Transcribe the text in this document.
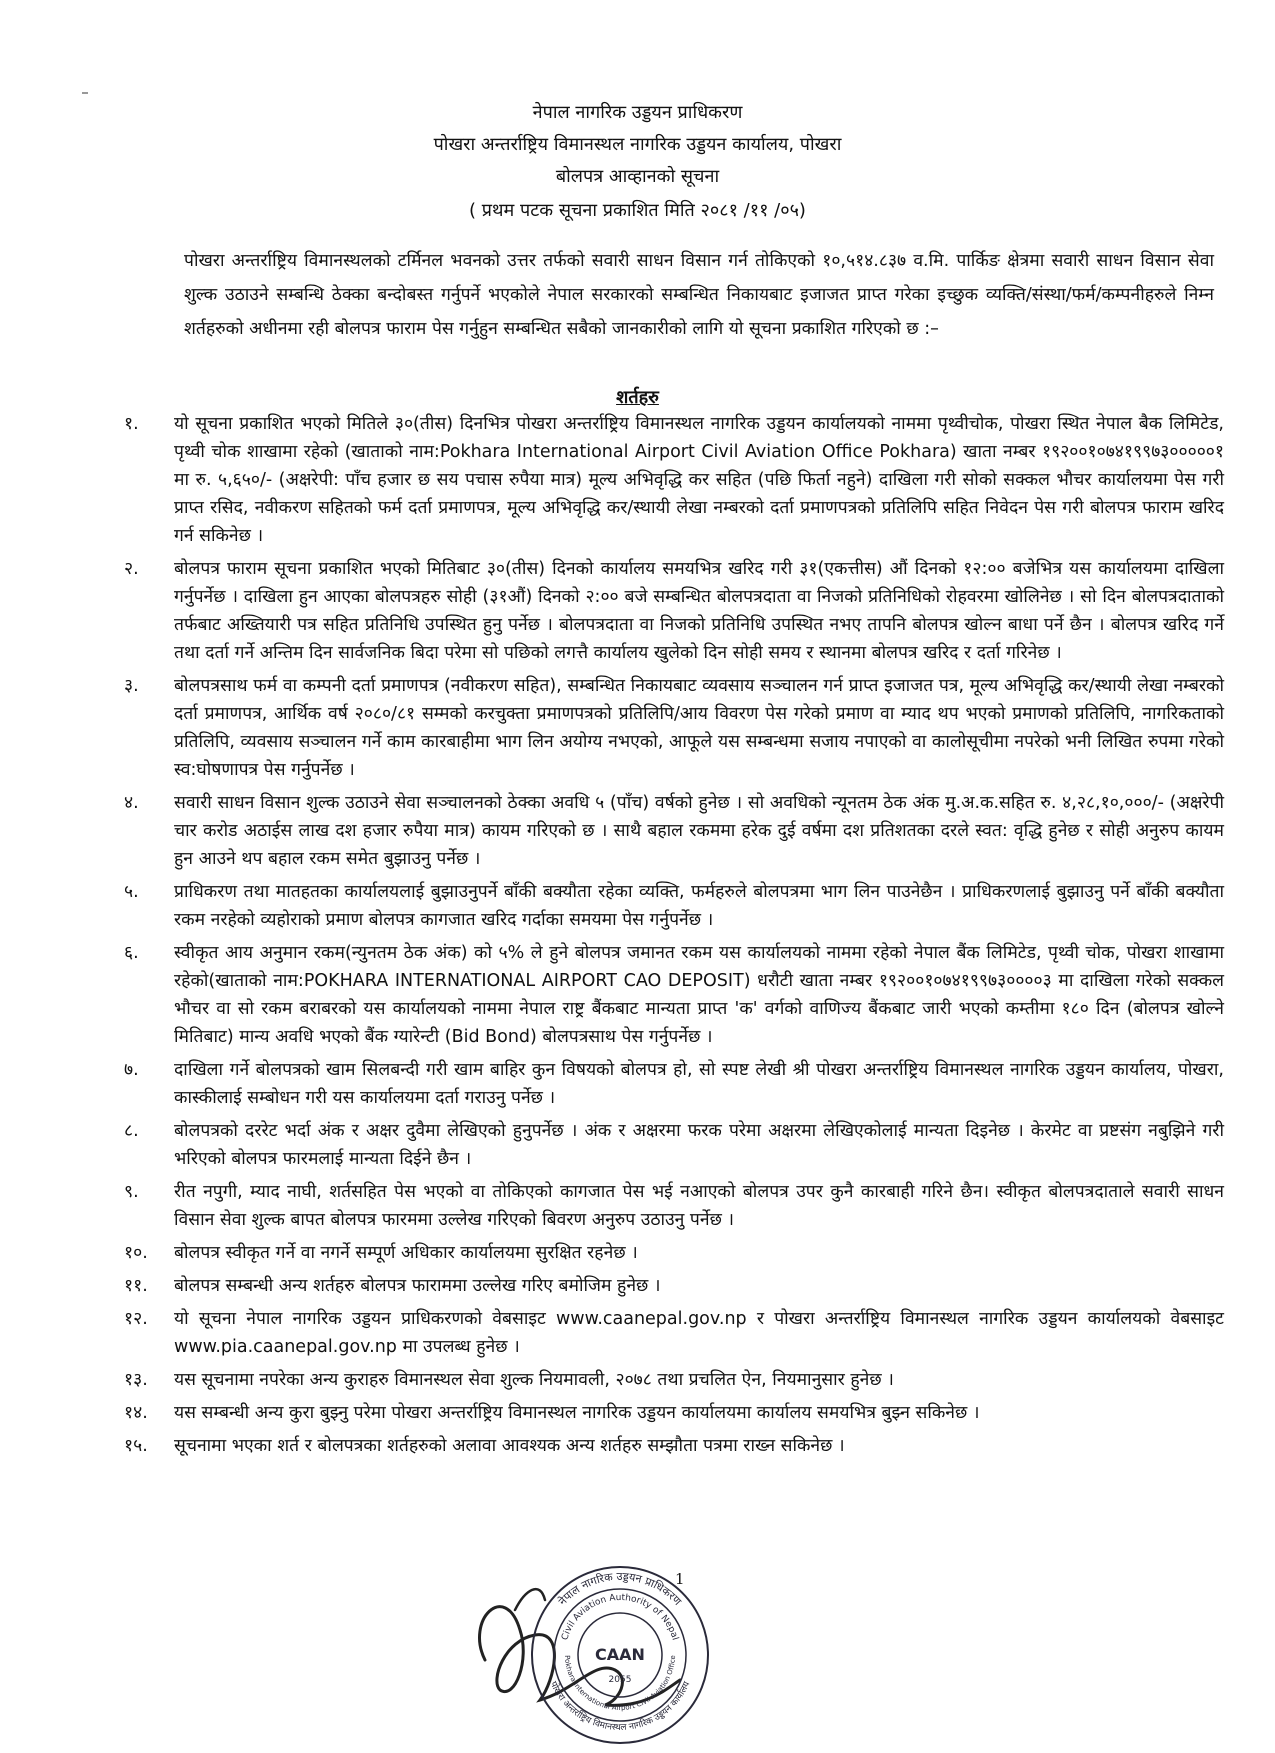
नेपाल नागरिक उड्डयन प्राधिकरण
पोखरा अन्तर्राष्ट्रिय विमानस्थल नागरिक उड्डयन कार्यालय, पोखरा
बोलपत्र आव्हानको सूचना
( प्रथम पटक सूचना प्रकाशित मिति २०८१ /११ /०५)

पोखरा अन्तर्राष्ट्रिय विमानस्थलको टर्मिनल भवनको उत्तर तर्फको सवारी साधन विसान गर्न तोकिएको १०,५१४.८३७ व.मि. पार्किङ क्षेत्रमा सवारी साधन विसान सेवा शुल्क उठाउने सम्बन्धि ठेक्का बन्दोबस्त गर्नुपर्ने भएकोले नेपाल सरकारको सम्बन्धित निकायबाट इजाजत प्राप्त गरेका इच्छुक व्यक्ति/संस्था/फर्म/कम्पनीहरुले निम्न शर्तहरुको अधीनमा रही बोलपत्र फाराम पेस गर्नुहुन सम्बन्धित सबैको जानकारीको लागि यो सूचना प्रकाशित गरिएको छ :–

शर्तहरु
१.	यो सूचना प्रकाशित भएको मितिले ३०(तीस) दिनभित्र पोखरा अन्तर्राष्ट्रिय विमानस्थल नागरिक उड्डयन कार्यालयको नाममा पृथ्वीचोक, पोखरा स्थित नेपाल बैक लिमिटेड, पृथ्वी चोक शाखामा रहेको (खाताको नाम:Pokhara International Airport Civil Aviation Office Pokhara) खाता नम्बर १९२००१०७४१९९७३०००००१ मा रु. ५,६५०/- (अक्षरेपी: पाँच हजार छ सय पचास रुपैया मात्र) मूल्य अभिवृद्धि कर सहित (पछि फिर्ता नहुने) दाखिला गरी सोको सक्कल भौचर कार्यालयमा पेस गरी प्राप्त रसिद, नवीकरण सहितको फर्म दर्ता प्रमाणपत्र, मूल्य अभिवृद्धि कर/स्थायी लेखा नम्बरको दर्ता प्रमाणपत्रको प्रतिलिपि सहित निवेदन पेस गरी बोलपत्र फाराम खरिद गर्न सकिनेछ ।
२.	बोलपत्र फाराम सूचना प्रकाशित भएको मितिबाट ३०(तीस) दिनको कार्यालय समयभित्र खरिद गरी ३१(एकत्तीस) औं दिनको १२:०० बजेभित्र यस कार्यालयमा दाखिला गर्नुपर्नेछ । दाखिला हुन आएका बोलपत्रहरु सोही (३१औं) दिनको २:०० बजे सम्बन्धित बोलपत्रदाता वा निजको प्रतिनिधिको रोहवरमा खोलिनेछ । सो दिन बोलपत्रदाताको तर्फबाट अख्तियारी पत्र सहित प्रतिनिधि उपस्थित हुनु पर्नेछ । बोलपत्रदाता वा निजको प्रतिनिधि उपस्थित नभए तापनि बोलपत्र खोल्न बाधा पर्ने छैन । बोलपत्र खरिद गर्ने तथा दर्ता गर्ने अन्तिम दिन सार्वजनिक बिदा परेमा सो पछिको लगत्तै कार्यालय खुलेको दिन सोही समय र स्थानमा बोलपत्र खरिद र दर्ता गरिनेछ ।
३.	बोलपत्रसाथ फर्म वा कम्पनी दर्ता प्रमाणपत्र (नवीकरण सहित), सम्बन्धित निकायबाट व्यवसाय सञ्चालन गर्न प्राप्त इजाजत पत्र, मूल्य अभिवृद्धि कर/स्थायी लेखा नम्बरको दर्ता प्रमाणपत्र, आर्थिक वर्ष २०८०/८१ सम्मको करचुक्ता प्रमाणपत्रको प्रतिलिपि/आय विवरण पेस गरेको प्रमाण वा म्याद थप भएको प्रमाणको प्रतिलिपि, नागरिकताको प्रतिलिपि, व्यवसाय सञ्चालन गर्ने काम कारबाहीमा भाग लिन अयोग्य नभएको, आफूले यस सम्बन्धमा सजाय नपाएको वा कालोसूचीमा नपरेको भनी लिखित रुपमा गरेको स्व:घोषणापत्र पेस गर्नुपर्नेछ ।
४.	सवारी साधन विसान शुल्क उठाउने सेवा सञ्चालनको ठेक्का अवधि ५ (पाँच) वर्षको हुनेछ । सो अवधिको न्यूनतम ठेक अंक मु.अ.क.सहित रु. ४,२८,१०,०००/- (अक्षरेपी चार करोड अठाईस लाख दश हजार रुपैया मात्र) कायम गरिएको छ । साथै बहाल रकममा हरेक दुई वर्षमा दश प्रतिशतका दरले स्वत: वृद्धि हुनेछ र सोही अनुरुप कायम हुन आउने थप बहाल रकम समेत बुझाउनु पर्नेछ ।
५.	प्राधिकरण तथा मातहतका कार्यालयलाई बुझाउनुपर्ने बाँकी बक्यौता रहेका व्यक्ति, फर्महरुले बोलपत्रमा भाग लिन पाउनेछैन । प्राधिकरणलाई बुझाउनु पर्ने बाँकी बक्यौता रकम नरहेको व्यहोराको प्रमाण बोलपत्र कागजात खरिद गर्दाका समयमा पेस गर्नुपर्नेछ ।
६.	स्वीकृत आय अनुमान रकम(न्युनतम ठेक अंक) को ५% ले हुने बोलपत्र जमानत रकम यस कार्यालयको नाममा रहेको नेपाल बैंक लिमिटेड, पृथ्वी चोक, पोखरा शाखामा रहेको(खाताको नाम:POKHARA INTERNATIONAL AIRPORT CAO DEPOSIT) धरौटी खाता नम्बर १९२००१०७४१९९७३००००३ मा दाखिला गरेको सक्कल भौचर वा सो रकम बराबरको यस कार्यालयको नाममा नेपाल राष्ट्र बैंकबाट मान्यता प्राप्त 'क' वर्गको वाणिज्य बैंकबाट जारी भएको कम्तीमा १८० दिन (बोलपत्र खोल्ने मितिबाट) मान्य अवधि भएको बैंक ग्यारेन्टी (Bid Bond) बोलपत्रसाथ पेस गर्नुपर्नेछ ।
७.	दाखिला गर्ने बोलपत्रको खाम सिलबन्दी गरी खाम बाहिर कुन विषयको बोलपत्र हो, सो स्पष्ट लेखी श्री पोखरा अन्तर्राष्ट्रिय विमानस्थल नागरिक उड्डयन कार्यालय, पोखरा, कास्कीलाई सम्बोधन गरी यस कार्यालयमा दर्ता गराउनु पर्नेछ ।
८.	बोलपत्रको दररेट भर्दा अंक र अक्षर दुवैमा लेखिएको हुनुपर्नेछ । अंक र अक्षरमा फरक परेमा अक्षरमा लेखिएकोलाई मान्यता दिइनेछ । केरमेट वा प्रष्टसंग नबुझिने गरी भरिएको बोलपत्र फारमलाई मान्यता दिईने छैन ।
९.	रीत नपुगी, म्याद नाघी, शर्तसहित पेस भएको वा तोकिएको कागजात पेस भई नआएको बोलपत्र उपर कुनै कारबाही गरिने छैन। स्वीकृत बोलपत्रदाताले सवारी साधन विसान सेवा शुल्क बापत बोलपत्र फारममा उल्लेख गरिएको बिवरण अनुरुप उठाउनु पर्नेछ ।
१०.	बोलपत्र स्वीकृत गर्ने वा नगर्ने सम्पूर्ण अधिकार कार्यालयमा सुरक्षित रहनेछ ।
११.	बोलपत्र सम्बन्धी अन्य शर्तहरु बोलपत्र फाराममा उल्लेख गरिए बमोजिम हुनेछ ।
१२.	यो सूचना नेपाल नागरिक उड्डयन प्राधिकरणको वेबसाइट www.caanepal.gov.np र पोखरा अन्तर्राष्ट्रिय विमानस्थल नागरिक उड्डयन कार्यालयको वेबसाइट www.pia.caanepal.gov.np मा उपलब्ध हुनेछ ।
१३.	यस सूचनामा नपरेका अन्य कुराहरु विमानस्थल सेवा शुल्क नियमावली, २०७८ तथा प्रचलित ऐन, नियमानुसार हुनेछ ।
१४.	यस सम्बन्धी अन्य कुरा बुझ्नु परेमा पोखरा अन्तर्राष्ट्रिय विमानस्थल नागरिक उड्डयन कार्यालयमा कार्यालय समयभित्र बुझ्न सकिनेछ ।
१५.	सूचनामा भएका शर्त र बोलपत्रका शर्तहरुको अलावा आवश्यक अन्य शर्तहरु सम्झौता पत्रमा राख्न सकिनेछ ।
1
नेपाल नागरिक उड्डयन प्राधिकरण
Civil Aviation Authority of Nepal
Pokhara International Airport Civil Aviation Office
पोखरा अन्तर्राष्ट्रिय विमानस्थल नागरिक उड्डयन कार्यालय
CAAN
2055
